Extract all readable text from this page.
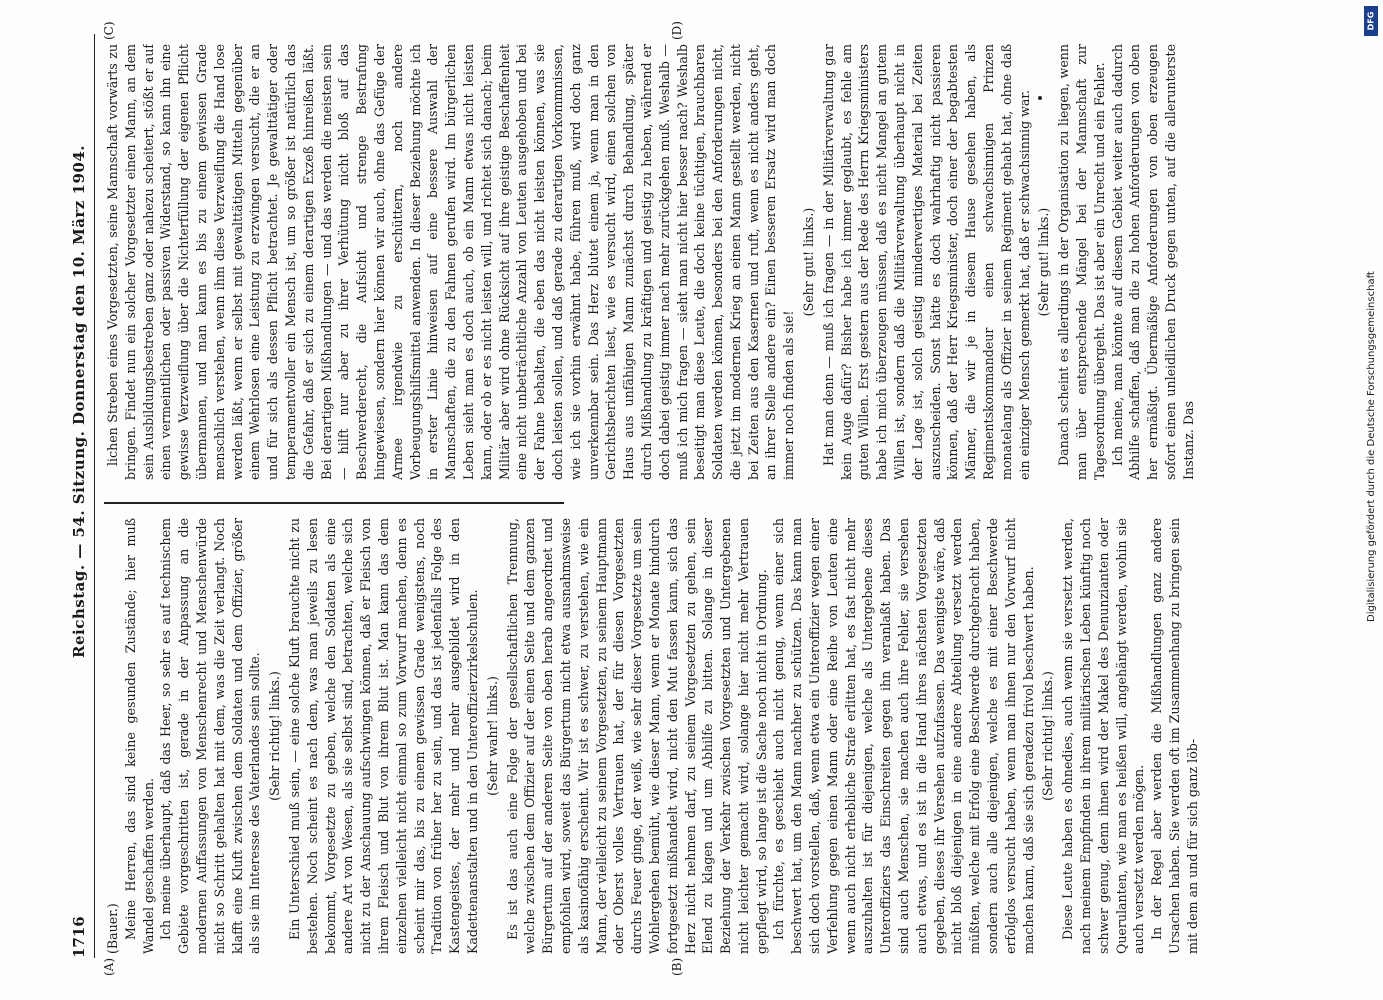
1716
Reichstag. — 54. Sitzung. Donnerstag den 10. März 1904.
(A)	(B)
(C)	(D)

(Bauer.) Meine Herren, das sind keine gesunden Zustände; hier muß Wandel geschaffen werden. Ich meine überhaupt, daß das Heer, so sehr es auf technischem Gebiete vorgeschritten ist, gerade in der Anpassung an die modernen Auffassungen von Menschenrecht und Menschenwürde nicht so Schritt gehalten hat mit dem, was die Zeit verlangt. Noch klafft eine Kluft zwischen dem Soldaten und dem Offizier, größer als sie im Interesse des Vaterlandes sein sollte. (Sehr richtig! links.) Ein Unterschied muß sein, — eine solche Kluft brauchte nicht zu bestehen. Noch scheint es nach dem, was man jeweils zu lesen bekommt, Vorgesetzte zu geben, welche den Soldaten als eine andere Art von Wesen, als sie selbst sind, betrachten, welche sich nicht zu der Anschauung aufschwingen können, daß er Fleisch von ihrem Fleisch und Blut von ihrem Blut ist. Man kann das dem einzelnen vielleicht nicht einmal so zum Vorwurf machen, denn es scheint mir das, bis zu einem gewissen Grade wenigstens, noch Tradition von früher her zu sein, und das ist jedenfalls Folge des Kastengeistes, der mehr und mehr ausgebildet wird in den Kadettenanstalten und in den Unteroffizierzirkelschulen. (Sehr wahr! links.) Es ist das auch eine Folge der gesellschaftlichen Trennung, welche zwischen dem Offizier auf der einen Seite und dem ganzen Bürgertum auf der anderen Seite von oben herab angeordnet und empfohlen wird, soweit das Bürgertum nicht etwa ausnahmsweise als kasinofähig erscheint. Wir ist es schwer, zu verstehen, wie ein Mann, der vielleicht zu seinem Vorgesetzten, zu seinem Hauptmann oder Oberst volles Vertrauen hat, der für diesen Vorgesetzten durchs Feuer ginge, der weiß, wie sehr dieser Vorgesetzte um sein Wohlergehen bemüht, wie dieser Mann, wenn er Monate hindurch fortgesetzt mißhandelt wird, nicht den Mut fassen kann, sich das Herz nicht nehmen darf, zu seinem Vorgesetzten zu gehen, sein Elend zu klagen und um Abhilfe zu bitten. Solange in dieser Beziehung der Verkehr zwischen Vorgesetzten und Untergebenen nicht leichter gemacht wird, solange hier nicht mehr Vertrauen gepflegt wird, so lange ist die Sache noch nicht in Ordnung. Ich fürchte, es geschieht auch nicht genug, wenn einer sich beschwert hat, um den Mann nachher zu schützen. Das kann man sich doch vorstellen, daß, wenn etwa ein Unteroffizier wegen einer Verfehlung gegen einen Mann oder eine Reihe von Leuten eine wenn auch nicht erhebliche Strafe erlitten hat, es fast nicht mehr auszuhalten ist für diejenigen, welche als Untergebene dieses Unteroffiziers das Einschreiten gegen ihn veranlaßt haben. Das sind auch Menschen, sie machen auch ihre Fehler, sie versehen auch etwas, und es ist in die Hand ihres nächsten Vorgesetzten gegeben, dieses ihr Versehen aufzufassen. Das wenigste wäre, daß nicht bloß diejenigen in eine andere Abteilung versetzt werden müßten, welche mit Erfolg eine Beschwerde durchgebracht haben, sondern auch alle diejenigen, welche es mit einer Beschwerde erfolglos versucht haben, wenn man ihnen nur den Vorwurf nicht machen kann, daß sie sich geradezu frivol beschwert haben. (Sehr richtig! links.) Diese Leute haben es ohnedies, auch wenn sie versetzt werden, nach meinem Empfinden in ihrem militärischen Leben künftig noch schwer genug, denn ihnen wird der Makel des Denunzianten oder Querulanten, wie man es heißen will, angehängt werden, wohin sie auch versetzt werden mögen. In der Regel aber werden die Mißhandlungen ganz andere Ursachen haben. Sie werden oft im Zusammenhang zu bringen sein mit dem an und für sich ganz löb-

lichen Streben eines Vorgesetzten, seine Mannschaft vorwärts zu bringen. Findet nun ein solcher Vorgesetzter einen Mann, an dem sein Ausbildungsbestreben ganz oder nahezu scheitert, stößt er auf einen vermeintlichen oder passiven Widerstand, so kann ihn eine gewisse Verzweiflung über die Nichterfüllung der eigenen Pflicht übermannen, und man kann es bis zu einem gewissen Grade menschlich verstehen, wenn ihm diese Verzweiflung die Hand lose werden läßt, wenn er selbst mit gewalttätigen Mitteln gegenüber einem Wehrlosen eine Leistung zu erzwingen versucht, die er an und für sich als dessen Pflicht betrachtet. Je gewalttätiger oder temperamentvoller ein Mensch ist, um so größer ist natürlich das die Gefahr, daß er sich zu einem derartigen Exzeß hinreißen läßt. Bei derartigen Mißhandlungen — und das werden die meisten sein — hilft nur aber zu ihrer Verhütung nicht bloß auf das Beschwerderecht, die Aufsicht und strenge Bestrafung hingewiesen, sondern hier können wir auch, ohne das Gefüge der Armee irgendwie zu erschüttern, noch andere Vorbeugungshilfsmittel anwenden. In dieser Beziehung möchte ich in erster Linie hinweisen auf eine bessere Auswahl der Mannschaften, die zu den Fahnen gerufen wird. Im bürgerlichen Leben sieht man es doch auch, ob ein Mann etwas nicht leisten kann, oder ob er es nicht leisten will, und richtet sich danach; beim Militär aber wird ohne Rücksicht auf ihre geistige Beschaffenheit eine nicht unbeträchtliche Anzahl von Leuten ausgehoben und bei der Fahne behalten, die eben das nicht leisten können, was sie doch leisten sollen, und daß gerade zu derartigen Vorkommnissen, wie ich sie vorhin erwähnt habe, führen muß, wird doch ganz unverkennbar sein. Das Herz blutet einem ja, wenn man in den Gerichtsberichten liest, wie es versucht wird, einen solchen von Haus aus unfähigen Mann zunächst durch Behandlung, später durch Mißhandlung zu kräftigen und geistig zu heben, während er doch dabei geistig immer nach mehr zurückgehen muß. Weshalb — muß ich mich fragen — sieht man nicht hier besser nach? Weshalb beseitigt man diese Leute, die doch keine tüchtigen, brauchbaren Soldaten werden können, besonders bei den Anforderungen nicht, die jetzt im modernen Krieg an einen Mann gestellt werden, nicht bei Zeiten aus den Kasernen und ruft, wenn es nicht anders geht, an ihrer Stelle andere ein? Einen besseren Ersatz wird man doch immer noch finden als sie!

(Sehr gut! links.) Hat man denn — muß ich fragen — in der Militärverwaltung gar kein Auge dafür? Bisher habe ich immer geglaubt, es fehle am guten Willen. Erst gestern aus der Rede des Herrn Kriegsministers habe ich mich überzeugen müssen, daß es nicht Mangel an gutem Willen ist, sondern daß die Militärverwaltung überhaupt nicht in der Lage ist, solch geistig minderwertiges Material bei Zeiten auszuscheiden. Sonst hätte es doch wahrhaftig nicht passieren können, daß der Herr Kriegsminister, doch einer der begabtesten Männer, die wir je in diesem Hause gesehen haben, als Regimentskommandeur einen schwachsinnigen Prinzen monatelang als Offizier in seinem Regiment gehabt hat, ohne daß ein einziger Mensch gemerkt hat, daß er schwachsinnig war. (Sehr gut! links.) Danach scheint es allerdings in der Organisation zu liegen, wenn man über entsprechende Mängel bei der Mannschaft zur Tagesordnung übergeht. Das ist aber ein Unrecht und ein Fehler. Ich meine, man könnte auf diesem Gebiet weiter auch dadurch Abhilfe schaffen, daß man die zu hohen Anforderungen von oben her ermäßigt. Übermäßige Anforderungen von oben erzeugen sofort einen unleidlichen Druck gegen unten, auf die allerunterste Instanz. Das

DFG
Digitalisierung gefördert durch die Deutsche Forschungsgemeinschaft
